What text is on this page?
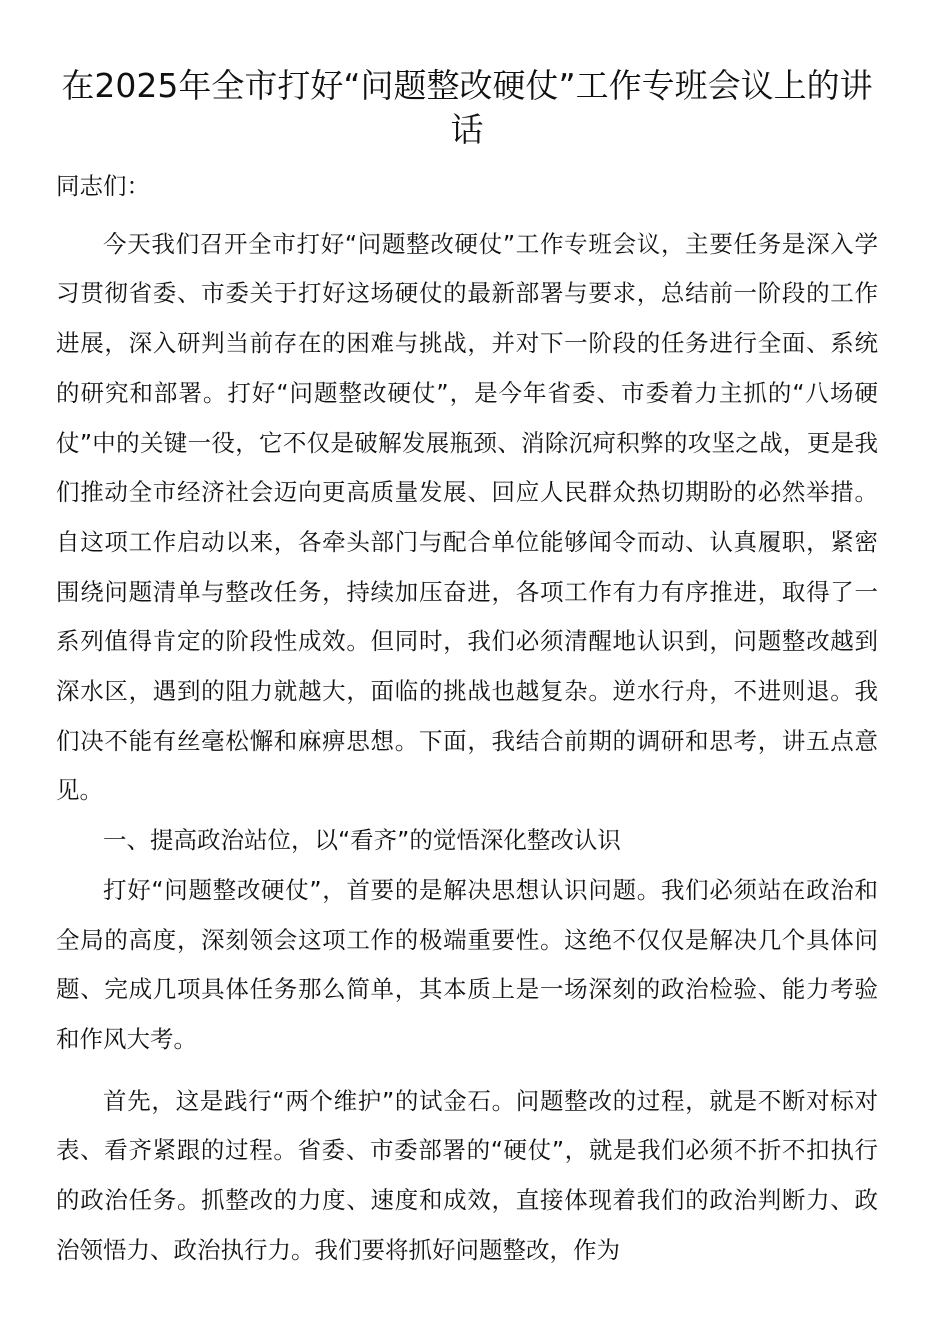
在2025年全市打好“问题整改硬仗”工作专班会议上的讲话

同志们：

今天我们召开全市打好“问题整改硬仗”工作专班会议，主要任务是深入学习贯彻省委、市委关于打好这场硬仗的最新部署与要求，总结前一阶段的工作进展，深入研判当前存在的困难与挑战，并对下一阶段的任务进行全面、系统的研究和部署。打好“问题整改硬仗”，是今年省委、市委着力主抓的“八场硬仗”中的关键一役，它不仅是破解发展瓶颈、消除沉疴积弊的攻坚之战，更是我们推动全市经济社会迈向更高质量发展、回应人民群众热切期盼的必然举措。自这项工作启动以来，各牵头部门与配合单位能够闻令而动、认真履职，紧密围绕问题清单与整改任务，持续加压奋进，各项工作有力有序推进，取得了一系列值得肯定的阶段性成效。但同时，我们必须清醒地认识到，问题整改越到深水区，遇到的阻力就越大，面临的挑战也越复杂。逆水行舟，不进则退。我们决不能有丝毫松懈和麻痹思想。下面，我结合前期的调研和思考，讲五点意见。

一、提高政治站位，以“看齐”的觉悟深化整改认识

打好“问题整改硬仗”，首要的是解决思想认识问题。我们必须站在政治和全局的高度，深刻领会这项工作的极端重要性。这绝不仅仅是解决几个具体问题、完成几项具体任务那么简单，其本质上是一场深刻的政治检验、能力考验和作风大考。

首先，这是践行“两个维护”的试金石。问题整改的过程，就是不断对标对表、看齐紧跟的过程。省委、市委部署的“硬仗”，就是我们必须不折不扣执行的政治任务。抓整改的力度、速度和成效，直接体现着我们的政治判断力、政治领悟力、政治执行力。我们要将抓好问题整改，作为
